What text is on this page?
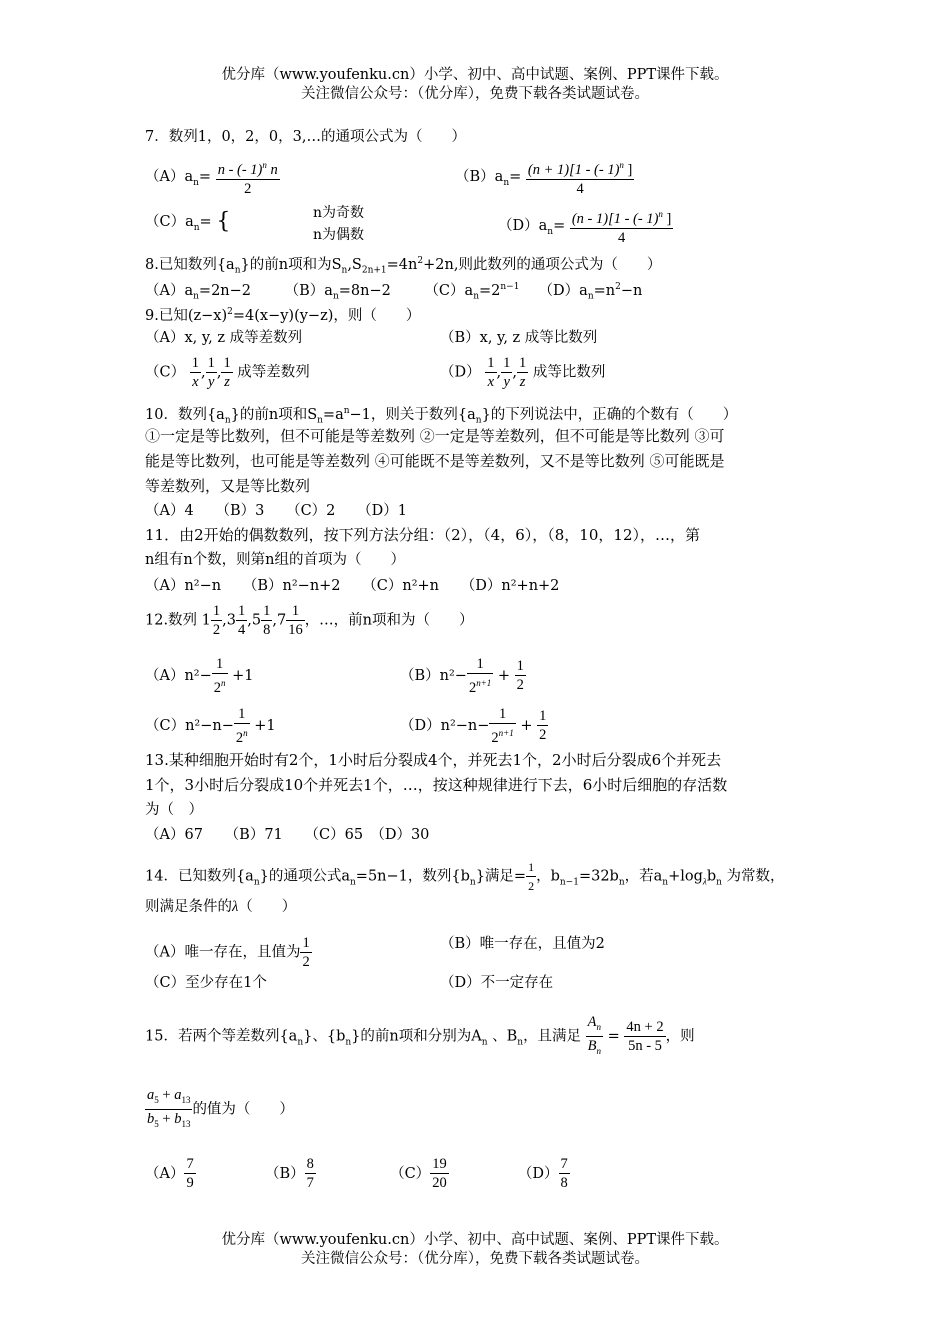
优分库（www.youfenku.cn）小学、初中、高中试题、案例、PPT课件下载。
关注微信公众号：（优分库），免费下载各类试题试卷。
7．数列1，0，2，0，3,…的通项公式为（　　）
$(A)a_n= \frac{n - (- 1)^n n}{2}$	$(B)a_n= \frac{(n + 1)[1 - (- 1)^n ]}{4}$
$(C)a_n=$ {	n为奇数
n为偶数
$(D)a_n= \frac{(n - 1)[1 - (- 1)^n ]}{4}$
8.已知数列$\{a_n\}$的前n项和为$S_n,S_{2n+1}=4n^2+2n$,则此数列的通项公式为（　　）
$(A)a_n=2n-2$　　 $(B)a_n=8n-2$　　 $(C)a_n=2^{n-1}$　 $(D)a_n=n^2-n$
9.已知$(z-x)^2=4(x-y)(y-z)$，则（　　）
（A）x, y, z 成等差数列	（B）x, y, z 成等比数列
$(C) \frac{1}{x}$ , $\frac{1}{y}$ , $\frac{1}{z}$ 成等差数列	$(D) \frac{1}{x}$ , $\frac{1}{y}$ , $\frac{1}{z}$ 成等比数列
10．数列$\{a_n\}$的前n项和$S_n=a^n-1$，则关于数列$\{a_n\}$的下列说法中，正确的个数有（　　）
①一定是等比数列，但不可能是等差数列 ②一定是等差数列，但不可能是等比数列 ③可
能是等比数列，也可能是等差数列 ④可能既不是等差数列，又不是等比数列 ⑤可能既是
等差数列，又是等比数列
（A）4　　（B）3　　（C）2　　（D）1
11．由2开始的偶数数列，按下列方法分组：（2），（4，6），（8，10，12），…，第
n组有n个数，则第n组的首项为（　　）
（A）n²−n　　（B）n²−n+2　　（C）n²+n　　（D）n²+n+2
12.数列 $1 \frac{1}{2} ,3 \frac{1}{4} ,5 \frac{1}{8} ,7 \frac{1}{16}$ ，…，前n项和为（　　）
$(A)n^2- \frac{1}{2^n} +1$	$(B)n^2- \frac{1}{2^{n+1}} + \frac{1}{2}$
$(C)n^2-n- \frac{1}{2^n} +1$	$(D)n^2-n- \frac{1}{2^{n+1}} + \frac{1}{2}$
13.某种细胞开始时有2个，1小时后分裂成4个，并死去1个，2小时后分裂成6个并死去
1个，3小时后分裂成10个并死去1个，…，按这种规律进行下去，6小时后细胞的存活数
为（　）
（A）67　　（B）71　　（C）65　（D）30
14．已知数列$\{a_n\}$的通项公式$a_n=5n-1$，数列$\{b_n\}$满足= $\frac{1}{2}$ ，$b_{n-1}=32b_n$，若$a_n+\log_\lambda b_n$ 为常数，
则满足条件的λ（　　）
（A）唯一存在，且值为 $\frac{1}{2}$	（B）唯一存在，且值为2
（C）至少存在1个	（D）不一定存在
15．若两个等差数列$\{a_n\}$、$\{b_n\}$的前n项和分别为$A_n$ 、$B_n$，且满足 $\frac{A_n}{B_n} = \frac{4n + 2}{5n - 5}$ ，则
$\frac{a_5 + a_{13}}{b_5 + b_{13}}$ 的值为（　　）
$(A) \frac{7}{9}$	$(B) \frac{8}{7}$	$(C) \frac{19}{20}$	$(D) \frac{7}{8}$
优分库（www.youfenku.cn）小学、初中、高中试题、案例、PPT课件下载。
关注微信公众号：（优分库），免费下载各类试题试卷。
